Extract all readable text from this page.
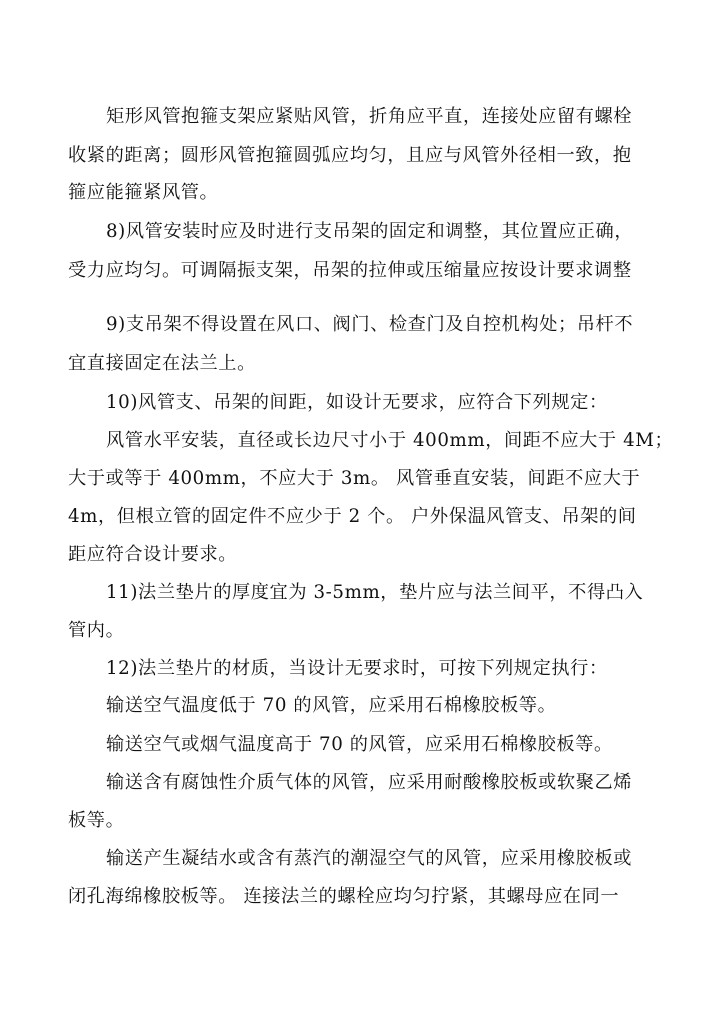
矩形风管抱箍支架应紧贴风管，折角应平直，连接处应留有螺栓
收紧的距离；圆形风管抱箍圆弧应均匀，且应与风管外径相一致，抱
箍应能箍紧风管。
8)风管安装时应及时进行支吊架的固定和调整，其位置应正确，
受力应均匀。可调隔振支架，吊架的拉伸或压缩量应按设计要求调整
9)支吊架不得设置在风口、阀门、检查门及自控机构处；吊杆不
宜直接固定在法兰上。
10)风管支、吊架的间距，如设计无要求，应符合下列规定：
风管水平安装，直径或长边尺寸小于 400mm，间距不应大于 4M；
大于或等于 400mm，不应大于 3m。 风管垂直安装，间距不应大于
4m，但根立管的固定件不应少于 2 个。 户外保温风管支、吊架的间
距应符合设计要求。
11)法兰垫片的厚度宜为 3-5mm，垫片应与法兰间平，不得凸入
管内。
12)法兰垫片的材质，当设计无要求时，可按下列规定执行：
输送空气温度低于 70 的风管，应采用石棉橡胶板等。
输送空气或烟气温度高于 70 的风管，应采用石棉橡胶板等。
输送含有腐蚀性介质气体的风管，应采用耐酸橡胶板或软聚乙烯
板等。
输送产生凝结水或含有蒸汽的潮湿空气的风管，应采用橡胶板或
闭孔海绵橡胶板等。 连接法兰的螺栓应均匀拧紧，其螺母应在同一
